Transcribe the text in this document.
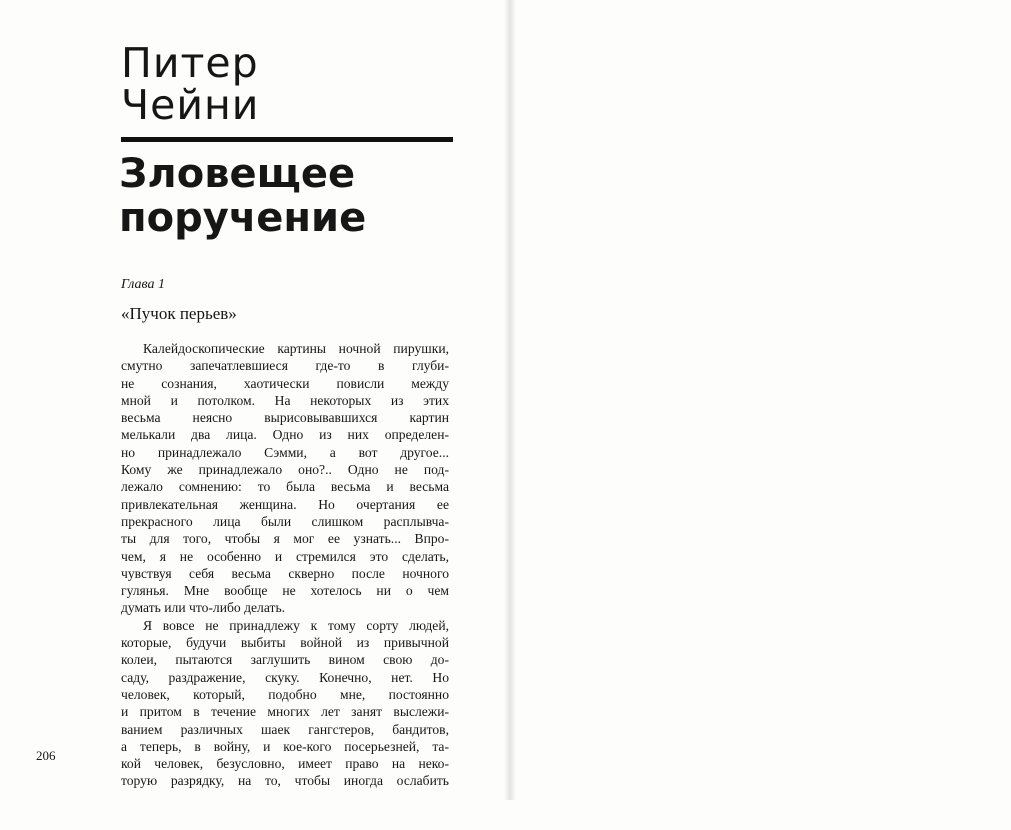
Питер
Чейни
Зловещее
поручение
Глава 1
«Пучок перьев»
Калейдоскопические картины ночной пирушки,
смутно запечатлевшиеся где-то в глуби-
не сознания, хаотически повисли между
мной и потолком. На некоторых из этих
весьма неясно вырисовывавшихся картин
мелькали два лица. Одно из них определен-
но принадлежало Сэмми, а вот другое...
Кому же принадлежало оно?.. Одно не под-
лежало сомнению: то была весьма и весьма
привлекательная женщина. Но очертания ее
прекрасного лица были слишком расплывча-
ты для того, чтобы я мог ее узнать... Впро-
чем, я не особенно и стремился это сделать,
чувствуя себя весьма скверно после ночного
гулянья. Мне вообще не хотелось ни о чем
думать или что-либо делать.
Я вовсе не принадлежу к тому сорту людей,
которые, будучи выбиты войной из привычной
колеи, пытаются заглушить вином свою до-
саду, раздражение, скуку. Конечно, нет. Но
человек, который, подобно мне, постоянно
и притом в течение многих лет занят выслежи-
ванием различных шаек гангстеров, бандитов,
а теперь, в войну, и кое-кого посерьезней, та-
кой человек, безусловно, имеет право на неко-
торую разрядку, на то, чтобы иногда ослабить
206
